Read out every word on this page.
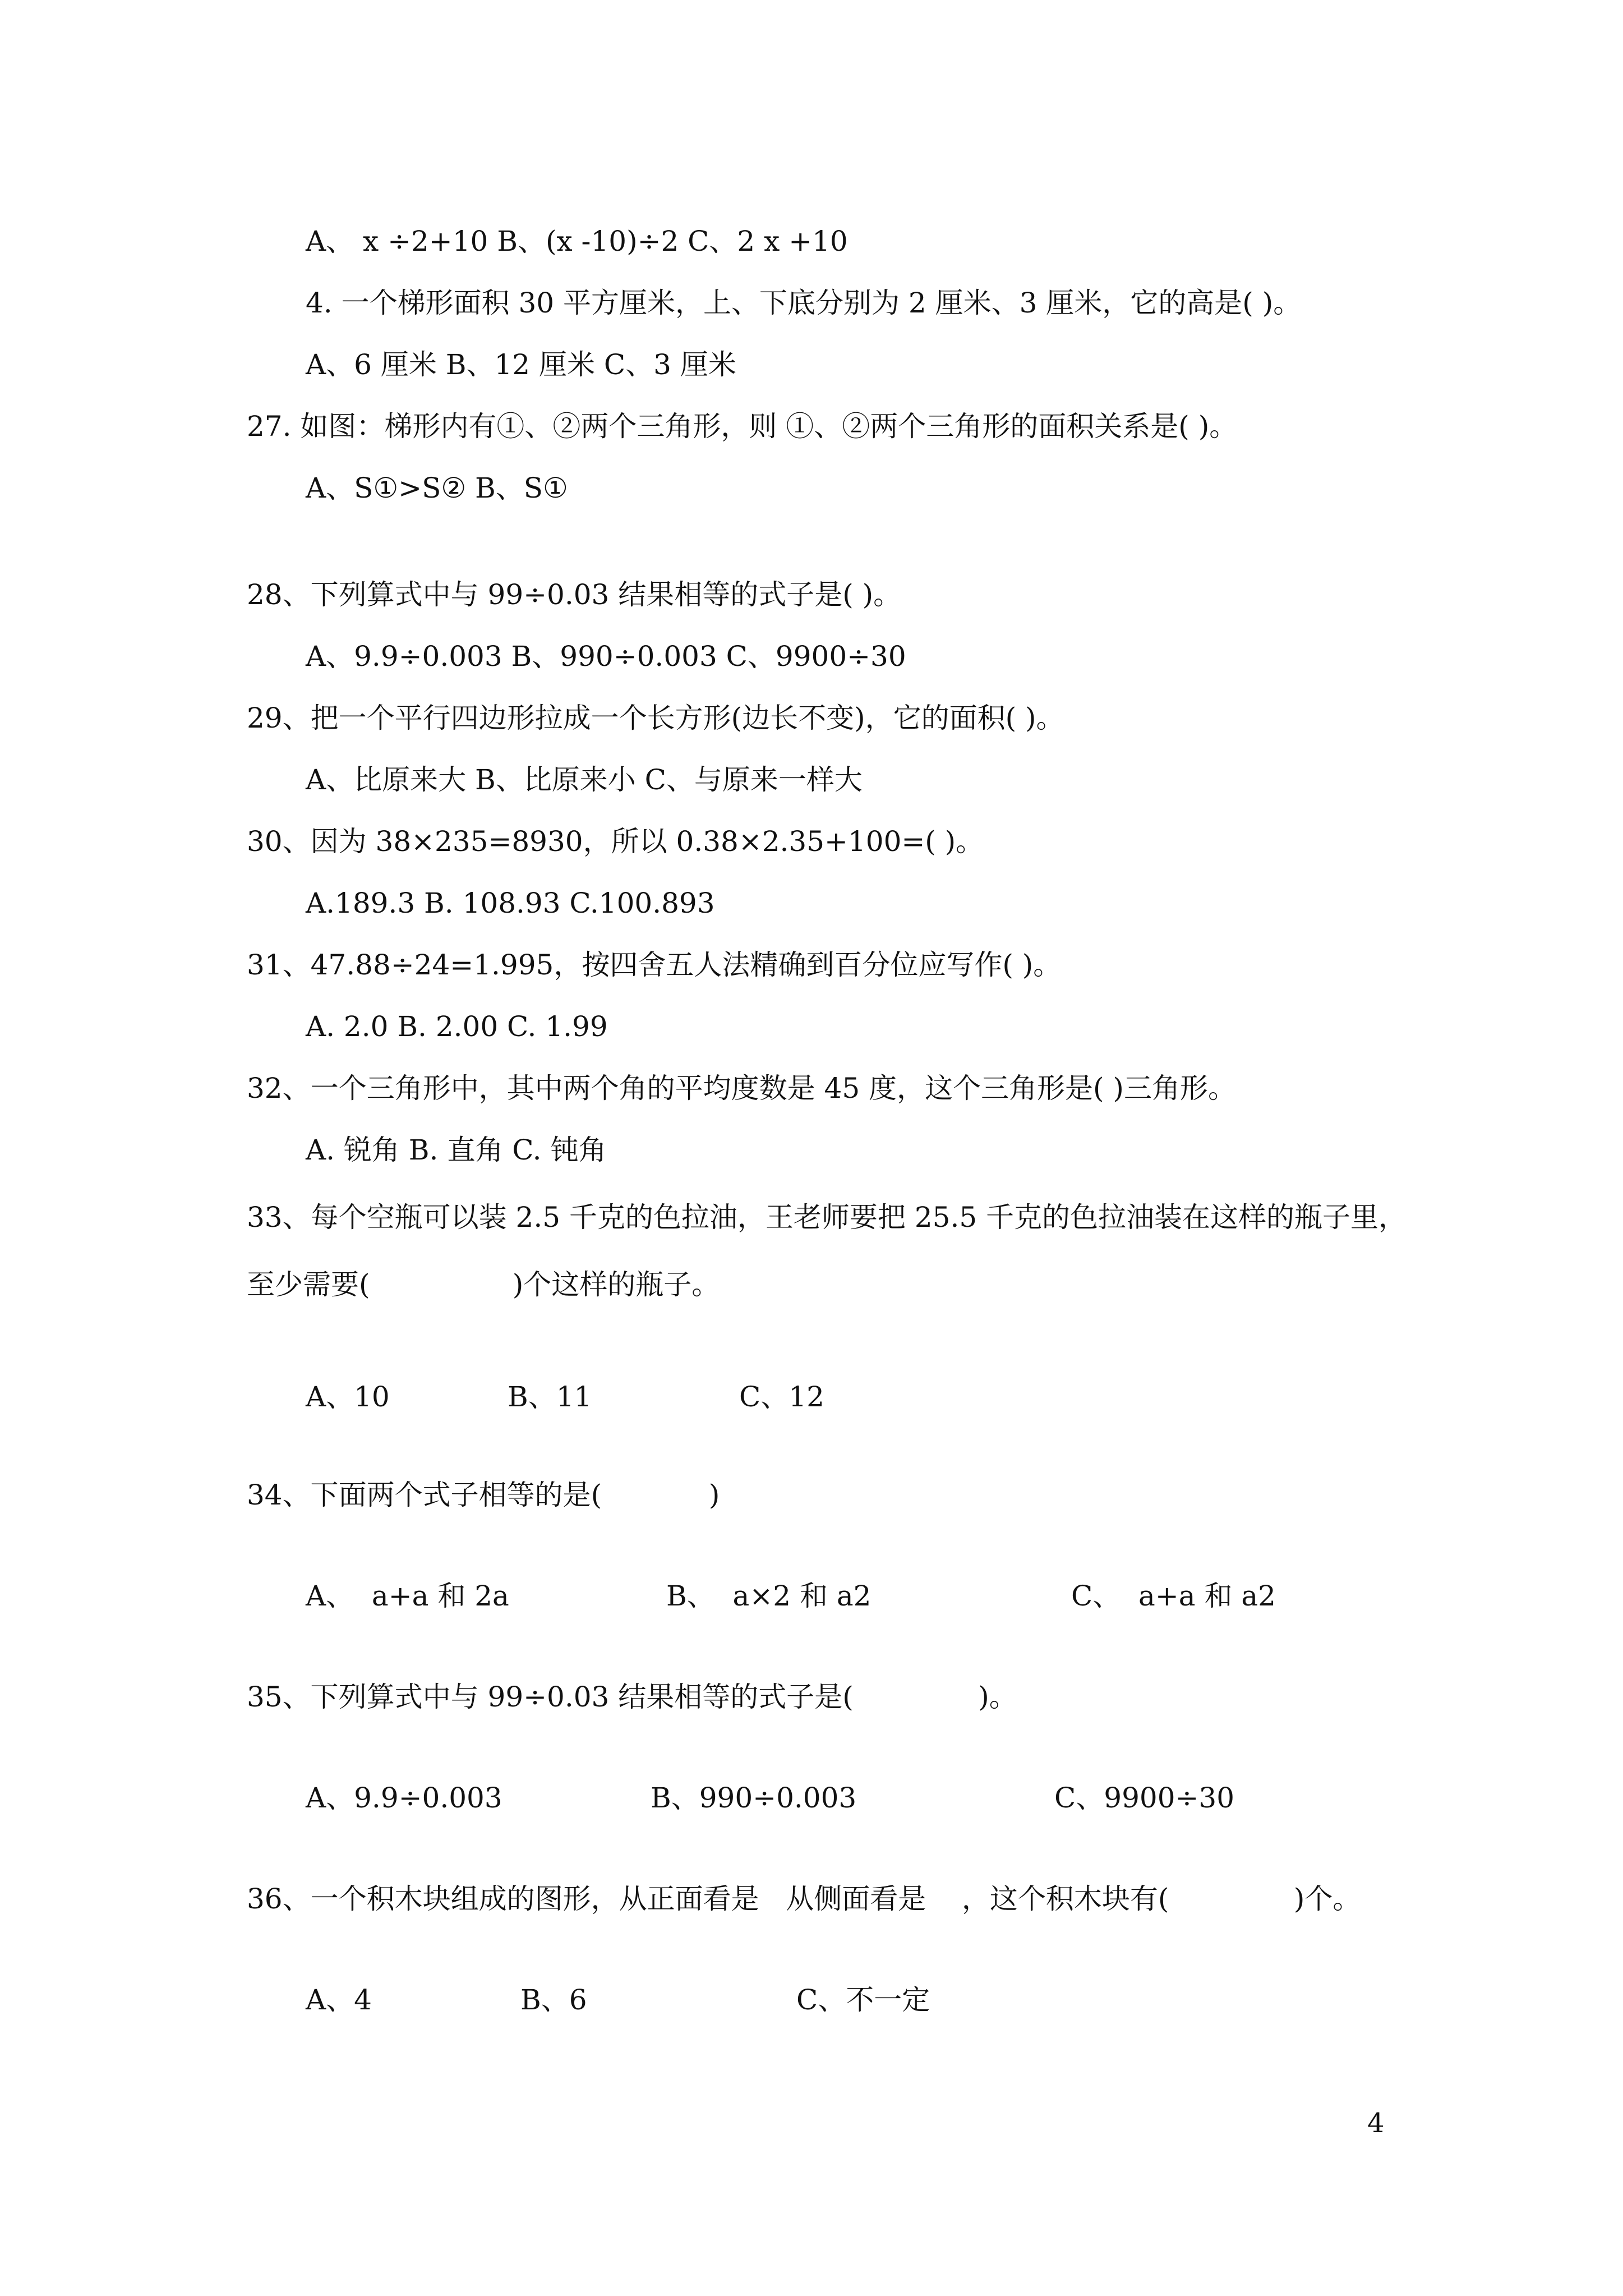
A、 x ÷2+10 B、(x -10)÷2 C、2 x +10

4. 一个梯形面积 30 平方厘米，上、下底分别为 2 厘米、3 厘米，它的高是( )。

A、6 厘米 B、12 厘米 C、3 厘米

27. 如图：梯形内有①、②两个三角形，则 ①、②两个三角形的面积关系是( )。

A、S①>S② B、S①

28、下列算式中与 99÷0.03 结果相等的式子是( )。

A、9.9÷0.003 B、990÷0.003 C、9900÷30

29、把一个平行四边形拉成一个长方形(边长不变)，它的面积( )。

A、比原来大 B、比原来小 C、与原来一样大

30、因为 38×235=8930，所以 0.38×2.35+100=( )。

A.189.3 B. 108.93 C.100.893

31、47.88÷24=1.995，按四舍五人法精确到百分位应写作( )。

A. 2.0 B. 2.00 C. 1.99

32、一个三角形中，其中两个角的平均度数是 45 度，这个三角形是( )三角形。

A. 锐角 B. 直角 C. 钝角

33、每个空瓶可以装 2.5 千克的色拉油，王老师要把 25.5 千克的色拉油装在这样的瓶子里，

至少需要(                )个这样的瓶子。

A、10	B、11	C、12

34、下面两个式子相等的是(            )

A、  a+a 和 2a	B、  a×2 和 a2	C、  a+a 和 a2

35、下列算式中与 99÷0.03 结果相等的式子是(              )。

A、9.9÷0.003	B、990÷0.003	C、9900÷30

36、一个积木块组成的图形，从正面看是   从侧面看是    ，这个积木块有(              )个。

A、4	B、6	C、不一定
4
